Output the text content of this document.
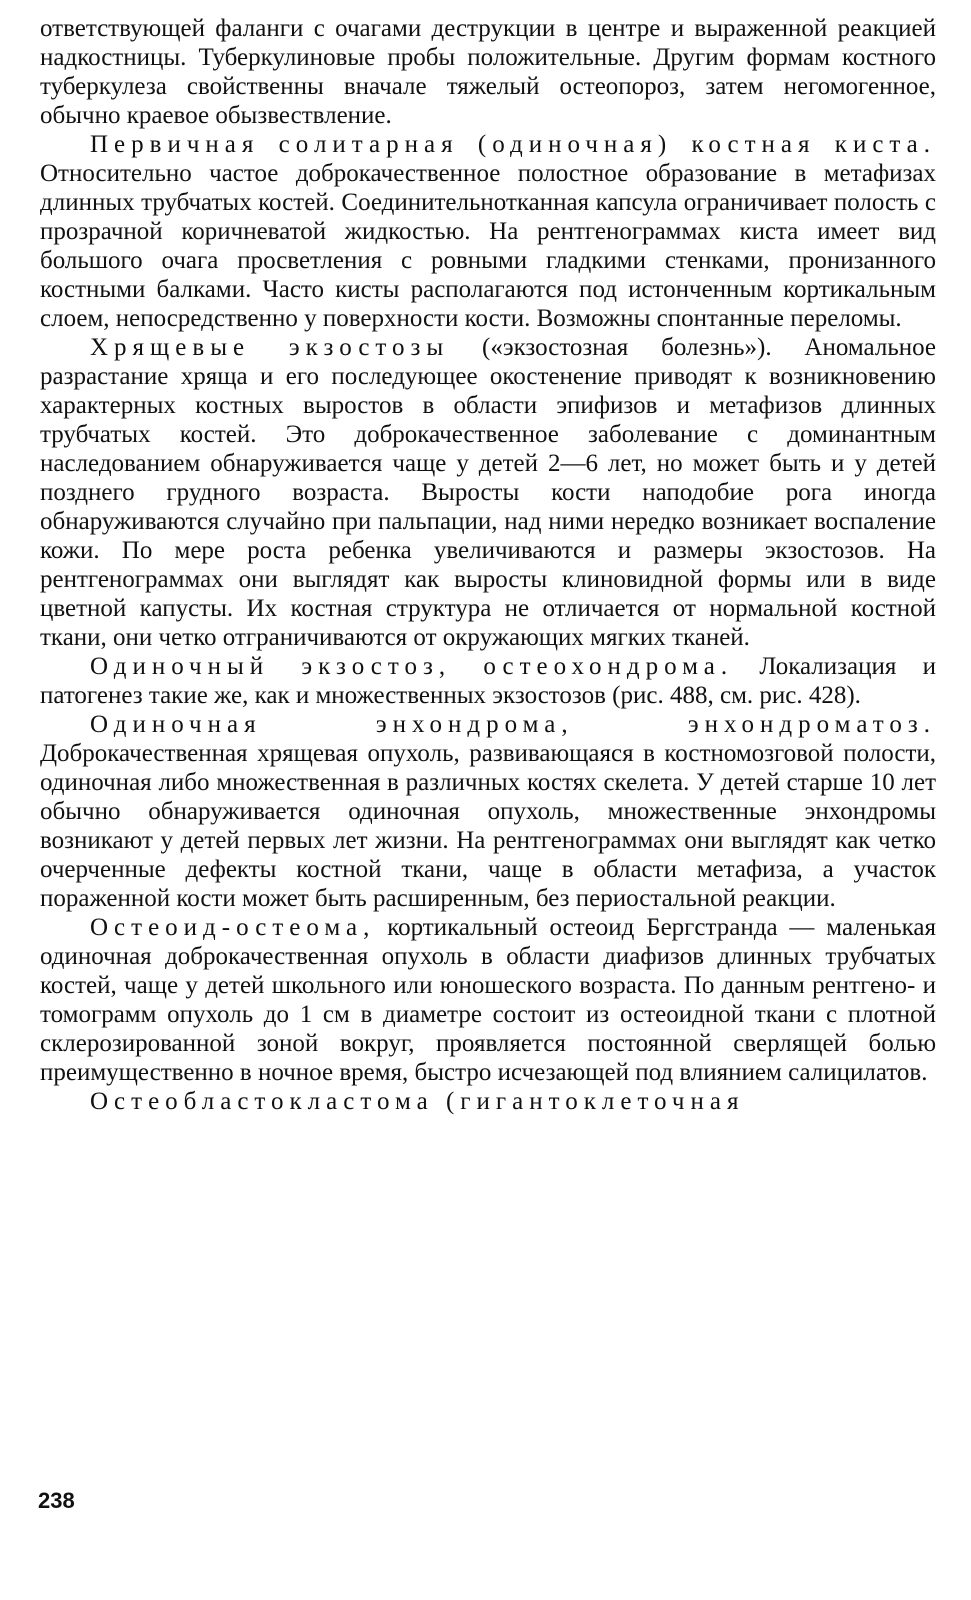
ответствующей фаланги с очагами деструкции в центре и выраженной реакцией надкостницы. Туберкулиновые пробы положительные. Другим формам костного туберкулеза свойственны вначале тяжелый остеопороз, затем негомогенное, обычно краевое обызвествление.

Первичная солитарная (одиночная) костная киста. Относительно частое доброкачественное полостное образование в метафизах длинных трубчатых костей. Соединительнотканная капсула ограничивает полость с прозрачной коричневатой жидкостью. На рентгенограммах киста имеет вид большого очага просветления с ровными гладкими стенками, пронизанного костными балками. Часто кисты располагаются под истонченным кортикальным слоем, непосредственно у поверхности кости. Возможны спонтанные переломы.

Хрящевые экзостозы («экзостозная болезнь»). Аномальное разрастание хряща и его последующее окостенение приводят к возникновению характерных костных выростов в области эпифизов и метафизов длинных трубчатых костей. Это доброкачественное заболевание с доминантным наследованием обнаруживается чаще у детей 2—6 лет, но может быть и у детей позднего грудного возраста. Выросты кости наподобие рога иногда обнаруживаются случайно при пальпации, над ними нередко возникает воспаление кожи. По мере роста ребенка увеличиваются и размеры экзостозов. На рентгенограммах они выглядят как выросты клиновидной формы или в виде цветной капусты. Их костная структура не отличается от нормальной костной ткани, они четко отграничиваются от окружающих мягких тканей.

Одиночный экзостоз, остеохондрома. Локализация и патогенез такие же, как и множественных экзостозов (рис. 488, см. рис. 428).

Одиночная энхондрома, энхондроматоз. Доброкачественная хрящевая опухоль, развивающаяся в костномозговой полости, одиночная либо множественная в различных костях скелета. У детей старше 10 лет обычно обнаруживается одиночная опухоль, множественные энхондромы возникают у детей первых лет жизни. На рентгенограммах они выглядят как четко очерченные дефекты костной ткани, чаще в области метафиза, а участок пораженной кости может быть расширенным, без периостальной реакции.

Остеоид-остеома, кортикальный остеоид Бергстранда — маленькая одиночная доброкачественная опухоль в области диафизов длинных трубчатых костей, чаще у детей школьного или юношеского возраста. По данным рентгено- и томограмм опухоль до 1 см в диаметре состоит из остеоидной ткани с плотной склерозированной зоной вокруг, проявляется постоянной сверлящей болью преимущественно в ночное время, быстро исчезающей под влиянием салицилатов.

Остеобластокластома (гигантоклеточная

238
